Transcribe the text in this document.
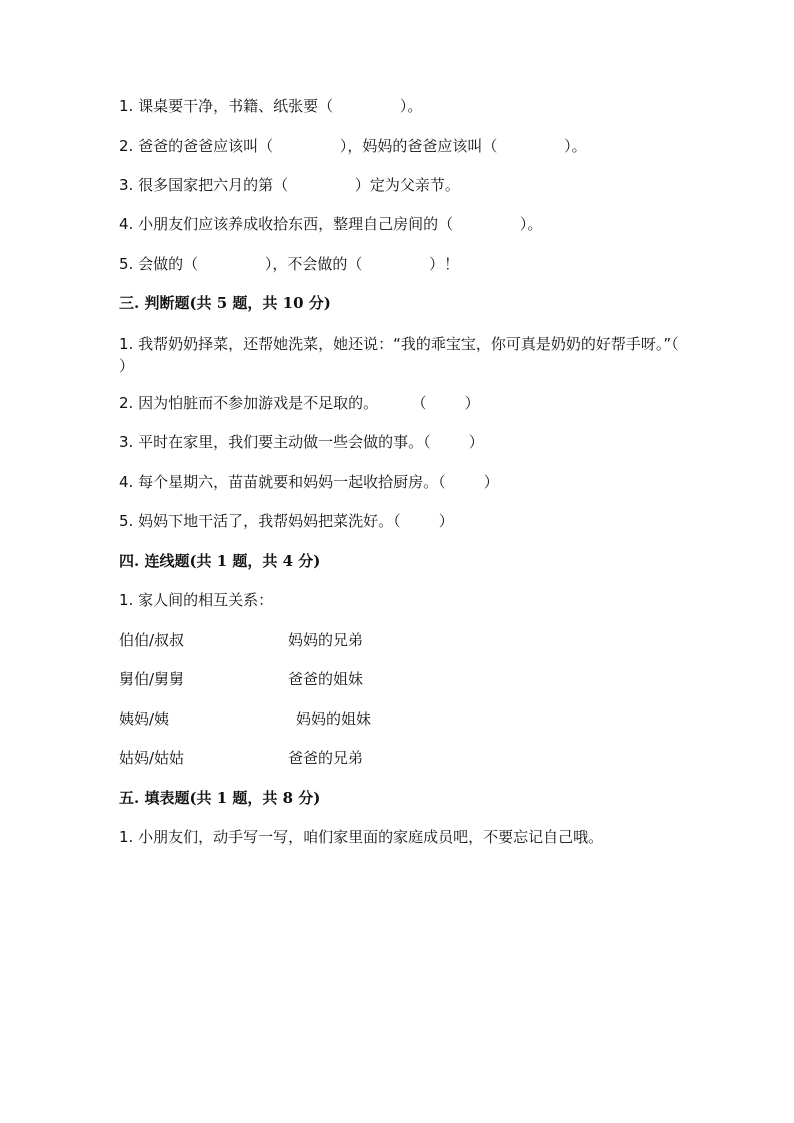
1. 课桌要干净，书籍、纸张要（              ）。
2. 爸爸的爸爸应该叫（              ），妈妈的爸爸应该叫（              ）。
3. 很多国家把六月的第（              ）定为父亲节。
4. 小朋友们应该养成收拾东西，整理自己房间的（              ）。
5. 会做的（              ），不会做的（              ）！
三. 判断题(共 5 题，共 10 分)
1. 我帮奶奶择菜，还帮她洗菜，她还说：“我的乖宝宝，你可真是奶奶的好帮手呀。”（ ）
2. 因为怕脏而不参加游戏是不足取的。       （        ）
3. 平时在家里，我们要主动做一些会做的事。（        ）
4. 每个星期六，苗苗就要和妈妈一起收拾厨房。（        ）
5. 妈妈下地干活了，我帮妈妈把菜洗好。（        ）
四. 连线题(共 1 题，共 4 分)
1. 家人间的相互关系：
伯伯/叔叔	妈妈的兄弟
舅伯/舅舅	爸爸的姐妹
姨妈/姨	妈妈的姐妹
姑妈/姑姑	爸爸的兄弟
五. 填表题(共 1 题，共 8 分)
1. 小朋友们，动手写一写，咱们家里面的家庭成员吧，不要忘记自己哦。
